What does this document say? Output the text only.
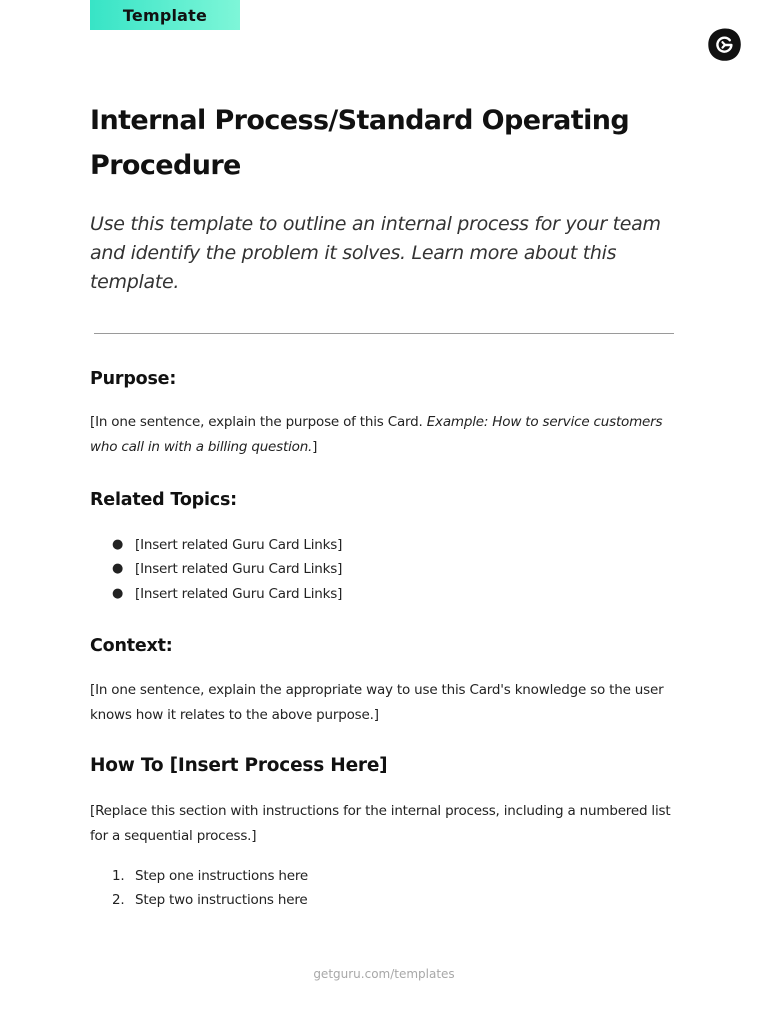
Template
Internal Process/Standard Operating Procedure

Use this template to outline an internal process for your team and identify the problem it solves. Learn more about this template.

Purpose:

[In one sentence, explain the purpose of this Card. Example: How to service customers who call in with a billing question.]

Related Topics:
● [Insert related Guru Card Links]
● [Insert related Guru Card Links]
● [Insert related Guru Card Links]
Context:

[In one sentence, explain the appropriate way to use this Card's knowledge so the user knows how it relates to the above purpose.]

How To [Insert Process Here]

[Replace this section with instructions for the internal process, including a numbered list for a sequential process.]

1. Step one instructions here
2. Step two instructions here
getguru.com/templates
